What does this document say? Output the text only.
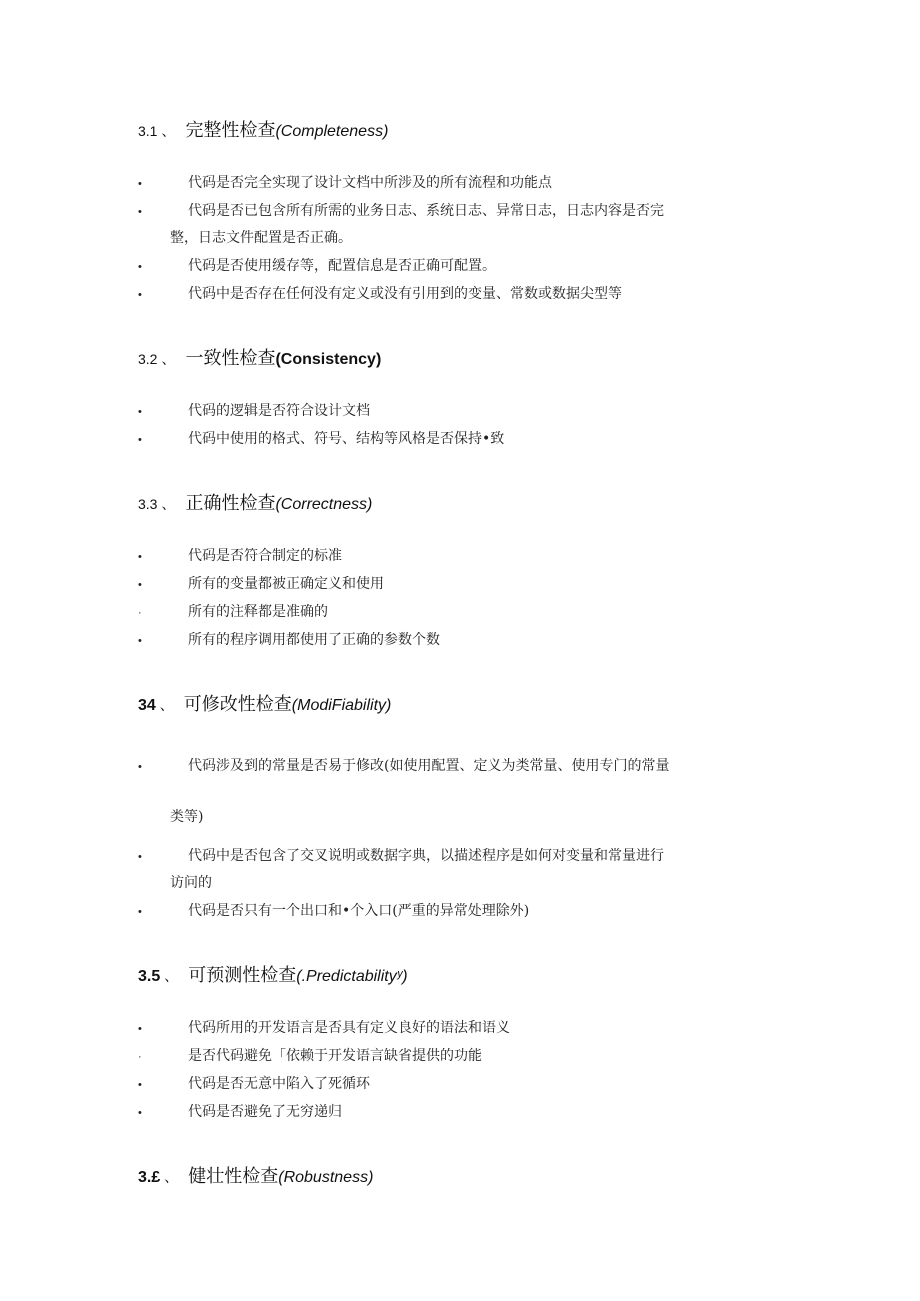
3.1 、 完整性检查(Completeness)
•	代码是否完全实现了设计文档中所涉及的所有流程和功能点
•	代码是否已包含所有所需的业务日志、系统日志、异常日志，日志内容是否完
整，日志文件配置是否正确。
•	代码是否使用缓存等，配置信息是否正确可配置。
•	代码中是否存在任何没有定义或没有引用到的变量、常数或数据尖型等
3.2 、 一致性检查(Consistency)
•	代码的逻辑是否符合设计文档
•	代码中使用的格式、符号、结构等风格是否保持•致
3.3 、 正确性检查(Correctness)
•	代码是否符合制定的标准
•	所有的变量都被正确定义和使用
·	所有的注释都是准确的
•	所有的程序调用都使用了正确的参数个数
34 、 可修改性检查(ModiFiability)
•	代码涉及到的常量是否易于修改(如使用配置、定义为类常量、使用专门的常量
类等)
•	代码中是否包含了交叉说明或数据字典，以描述程序是如何对变量和常量进行
访问的
•	代码是否只有一个出口和•个入口(严重的异常处理除外)
3.5 、 可预测性检查(.Predictabilityʸ)
•	代码所用的开发语言是否具有定义良好的语法和语义
·	是否代码避免「依赖于开发语言缺省提供的功能
•	代码是否无意中陷入了死循环
•	代码是否避免了无穷递归
3.£ 、 健壮性检查(Robustness)
